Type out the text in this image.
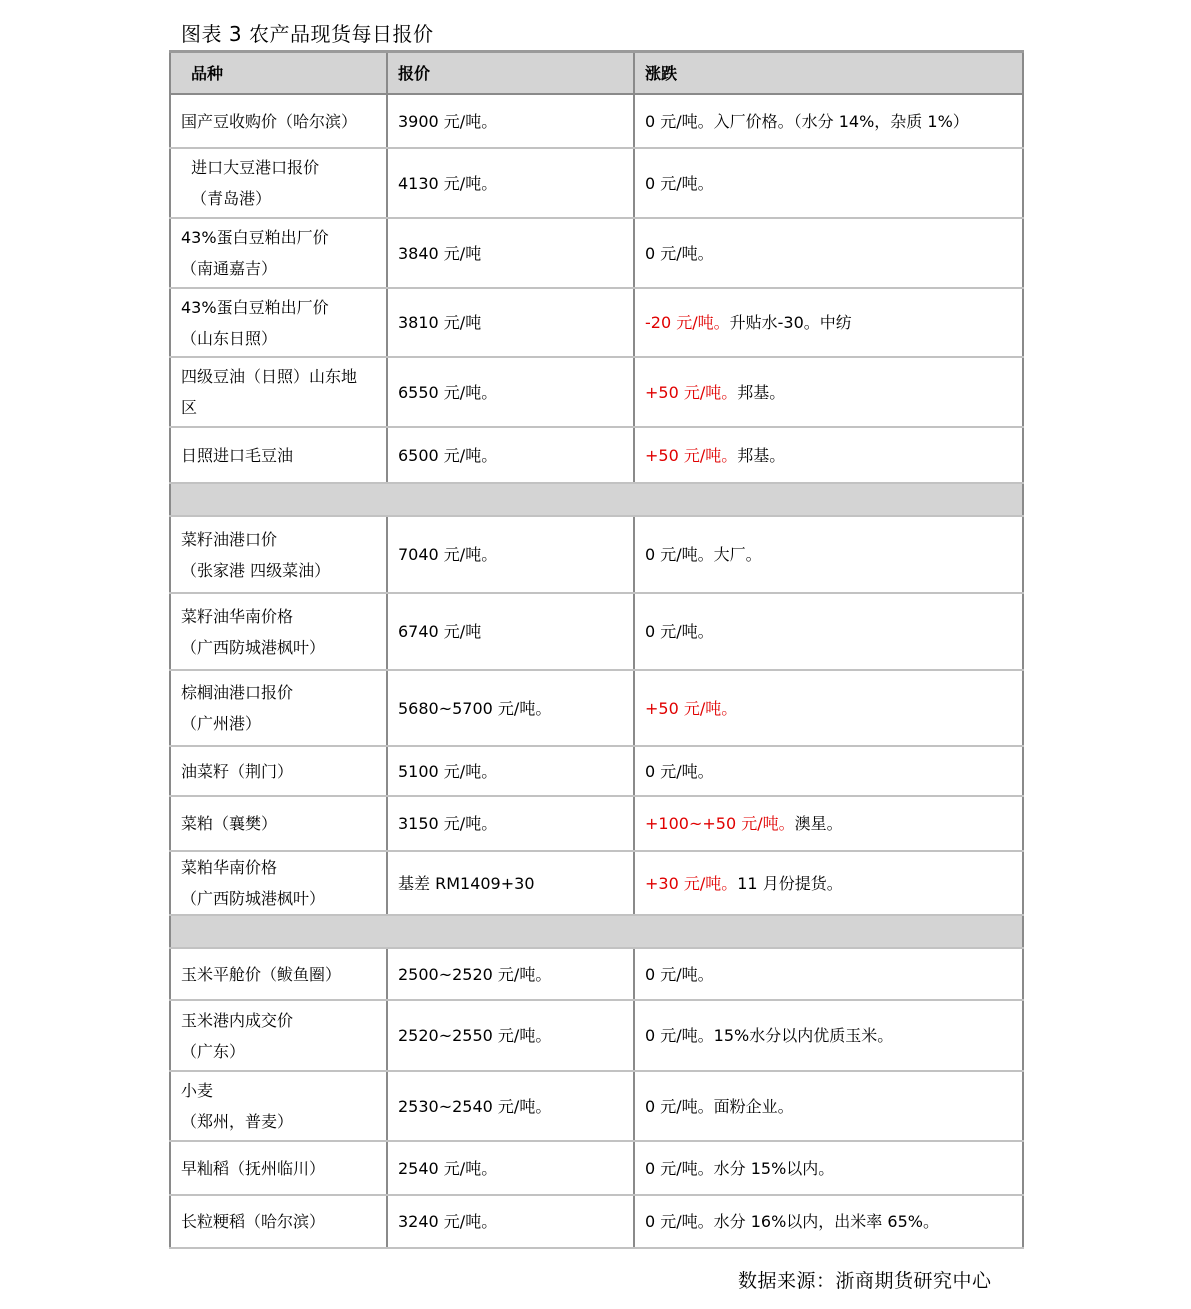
图表 3 农产品现货每日报价
品种	报价	涨跌

国产豆收购价（哈尔滨）	3900 元/吨。	0 元/吨。入厂价格。（水分 14%，杂质 1%）

进口大豆港口报价
（青岛港）	4130 元/吨。	0 元/吨。

43%蛋白豆粕出厂价
（南通嘉吉）	3840 元/吨	0 元/吨。

43%蛋白豆粕出厂价
（山东日照）	3810 元/吨	-20 元/吨。升贴水-30。中纺

四级豆油（日照）山东地
区	6550 元/吨。	+50 元/吨。邦基。

日照进口毛豆油	6500 元/吨。	+50 元/吨。邦基。

菜籽油港口价
（张家港 四级菜油）	7040 元/吨。	0 元/吨。大厂。

菜籽油华南价格
（广西防城港枫叶）	6740 元/吨	0 元/吨。

棕榈油港口报价
（广州港）	5680~5700 元/吨。	+50 元/吨。

油菜籽（荆门）	5100 元/吨。	0 元/吨。

菜粕（襄樊）	3150 元/吨。	+100~+50 元/吨。澳星。

菜粕华南价格
（广西防城港枫叶）	基差 RM1409+30	+30 元/吨。11 月份提货。

玉米平舱价（鲅鱼圈）	2500~2520 元/吨。	0 元/吨。

玉米港内成交价
（广东）	2520~2550 元/吨。	0 元/吨。15%水分以内优质玉米。

小麦
（郑州，普麦）	2530~2540 元/吨。	0 元/吨。面粉企业。

早籼稻（抚州临川）	2540 元/吨。	0 元/吨。水分 15%以内。

长粒粳稻（哈尔滨）	3240 元/吨。	0 元/吨。水分 16%以内，出米率 65%。
数据来源：浙商期货研究中心
